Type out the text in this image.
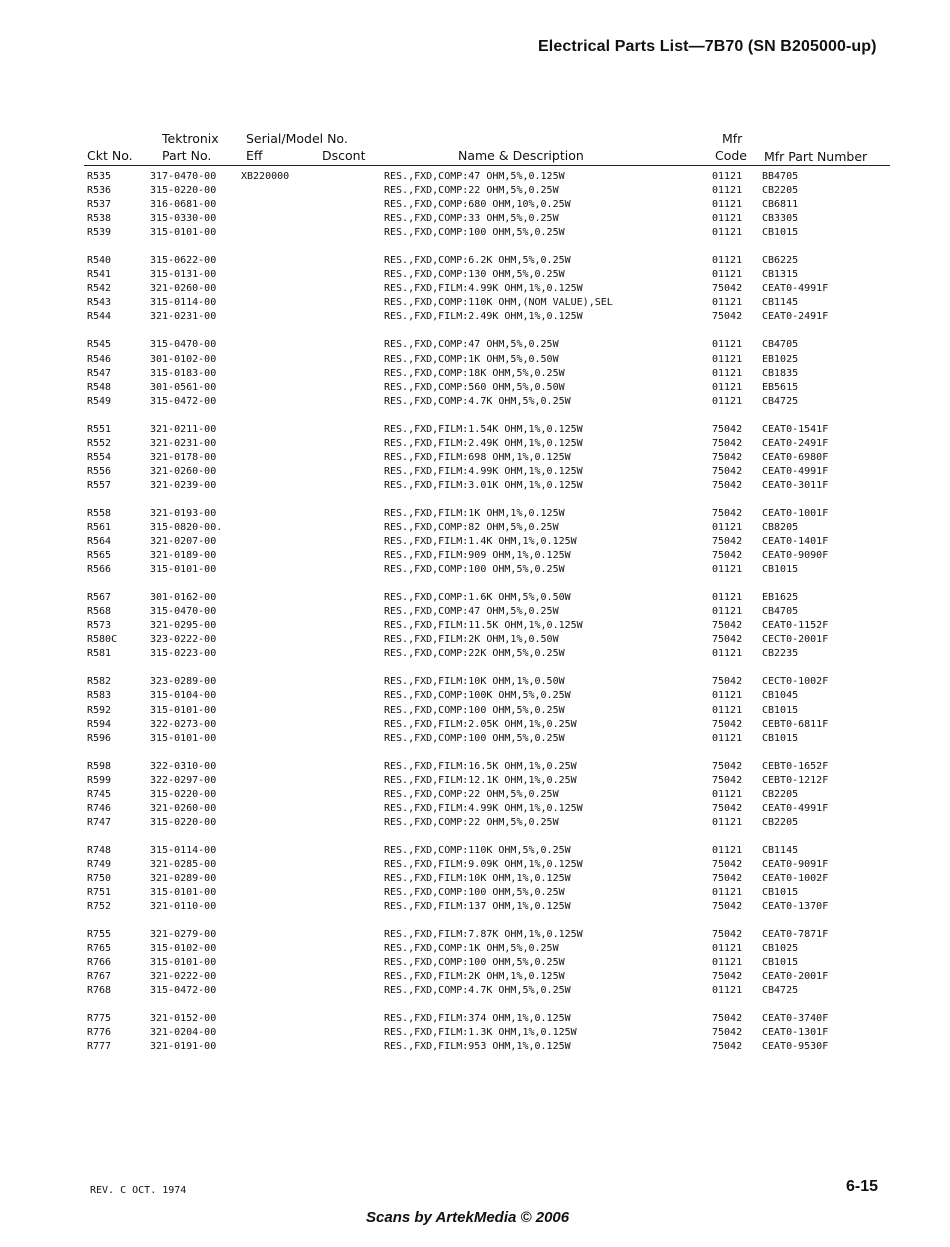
Electrical Parts List—7B70 (SN B205000-up)
Ckt No.
Tektronix
Part No.
Serial/Model No.
Eff	Dscont	Name & Description
Mfr
Code Mfr Part Number
R535	317-0470-00 XB220000	RES.,FXD,COMP:47 OHM,5%,0.125W	01121 BB4705
R536	315-0220-00	RES.,FXD,COMP:22 OHM,5%,0.25W	01121 CB2205
R537	316-0681-00	RES.,FXD,COMP:680 OHM,10%,0.25W	01121 CB6811
R538	315-0330-00	RES.,FXD,COMP:33 OHM,5%,0.25W	01121 CB3305
R539	315-0101-00	RES.,FXD,COMP:100 OHM,5%,0.25W	01121 CB1015
R540	315-0622-00	RES.,FXD,COMP:6.2K OHM,5%,0.25W	01121 CB6225
R541	315-0131-00	RES.,FXD,COMP:130 OHM,5%,0.25W	01121 CB1315
R542	321-0260-00	RES.,FXD,FILM:4.99K OHM,1%,0.125W	75042 CEAT0-4991F
R543	315-0114-00	RES.,FXD,COMP:110K OHM,(NOM VALUE),SEL	01121 CB1145
R544	321-0231-00	RES.,FXD,FILM:2.49K OHM,1%,0.125W	75042 CEAT0-2491F
R545	315-0470-00	RES.,FXD,COMP:47 OHM,5%,0.25W	01121 CB4705
R546	301-0102-00	RES.,FXD,COMP:1K OHM,5%,0.50W	01121 EB1025
R547	315-0183-00	RES.,FXD,COMP:18K OHM,5%,0.25W	01121 CB1835
R548	301-0561-00	RES.,FXD,COMP:560 OHM,5%,0.50W	01121 EB5615
R549	315-0472-00	RES.,FXD,COMP:4.7K OHM,5%,0.25W	01121 CB4725
R551	321-0211-00	RES.,FXD,FILM:1.54K OHM,1%,0.125W	75042 CEAT0-1541F
R552	321-0231-00	RES.,FXD,FILM:2.49K OHM,1%,0.125W	75042 CEAT0-2491F
R554	321-0178-00	RES.,FXD,FILM:698 OHM,1%,0.125W	75042 CEAT0-6980F
R556	321-0260-00	RES.,FXD,FILM:4.99K OHM,1%,0.125W	75042 CEAT0-4991F
R557	321-0239-00	RES.,FXD,FILM:3.01K OHM,1%,0.125W	75042 CEAT0-3011F
R558	321-0193-00	RES.,FXD,FILM:1K OHM,1%,0.125W	75042 CEAT0-1001F
R561	315-0820-00.	RES.,FXD,COMP:82 OHM,5%,0.25W	01121 CB8205
R564	321-0207-00	RES.,FXD,FILM:1.4K OHM,1%,0.125W	75042 CEAT0-1401F
R565	321-0189-00	RES.,FXD,FILM:909 OHM,1%,0.125W	75042 CEAT0-9090F
R566	315-0101-00	RES.,FXD,COMP:100 OHM,5%,0.25W	01121 CB1015
R567	301-0162-00	RES.,FXD,COMP:1.6K OHM,5%,0.50W	01121 EB1625
R568	315-0470-00	RES.,FXD,COMP:47 OHM,5%,0.25W	01121 CB4705
R573	321-0295-00	RES.,FXD,FILM:11.5K OHM,1%,0.125W	75042 CEAT0-1152F
R580C	323-0222-00	RES.,FXD,FILM:2K OHM,1%,0.50W	75042 CECT0-2001F
R581	315-0223-00	RES.,FXD,COMP:22K OHM,5%,0.25W	01121 CB2235
R582	323-0289-00	RES.,FXD,FILM:10K OHM,1%,0.50W	75042 CECT0-1002F
R583	315-0104-00	RES.,FXD,COMP:100K OHM,5%,0.25W	01121 CB1045
R592	315-0101-00	RES.,FXD,COMP:100 OHM,5%,0.25W	01121 CB1015
R594	322-0273-00	RES.,FXD,FILM:2.05K OHM,1%,0.25W	75042 CEBT0-6811F
R596	315-0101-00	RES.,FXD,COMP:100 OHM,5%,0.25W	01121 CB1015
R598	322-0310-00	RES.,FXD,FILM:16.5K OHM,1%,0.25W	75042 CEBT0-1652F
R599	322-0297-00	RES.,FXD,FILM:12.1K OHM,1%,0.25W	75042 CEBT0-1212F
R745	315-0220-00	RES.,FXD,COMP:22 OHM,5%,0.25W	01121 CB2205
R746	321-0260-00	RES.,FXD,FILM:4.99K OHM,1%,0.125W	75042 CEAT0-4991F
R747	315-0220-00	RES.,FXD,COMP:22 OHM,5%,0.25W	01121 CB2205
R748	315-0114-00	RES.,FXD,COMP:110K OHM,5%,0.25W	01121 CB1145
R749	321-0285-00	RES.,FXD,FILM:9.09K OHM,1%,0.125W	75042 CEAT0-9091F
R750	321-0289-00	RES.,FXD,FILM:10K OHM,1%,0.125W	75042 CEAT0-1002F
R751	315-0101-00	RES.,FXD,COMP:100 OHM,5%,0.25W	01121 CB1015
R752	321-0110-00	RES.,FXD,FILM:137 OHM,1%,0.125W	75042 CEAT0-1370F
R755	321-0279-00	RES.,FXD,FILM:7.87K OHM,1%,0.125W	75042 CEAT0-7871F
R765	315-0102-00	RES.,FXD,COMP:1K OHM,5%,0.25W	01121 CB1025
R766	315-0101-00	RES.,FXD,COMP:100 OHM,5%,0.25W	01121 CB1015
R767	321-0222-00	RES.,FXD,FILM:2K OHM,1%,0.125W	75042 CEAT0-2001F
R768	315-0472-00	RES.,FXD,COMP:4.7K OHM,5%,0.25W	01121 CB4725
R775	321-0152-00	RES.,FXD,FILM:374 OHM,1%,0.125W	75042 CEAT0-3740F
R776	321-0204-00	RES.,FXD,FILM:1.3K OHM,1%,0.125W	75042 CEAT0-1301F
R777	321-0191-00	RES.,FXD,FILM:953 OHM,1%,0.125W	75042 CEAT0-9530F
REV. C OCT. 1974	6-15
Scans by ArtekMedia © 2006
